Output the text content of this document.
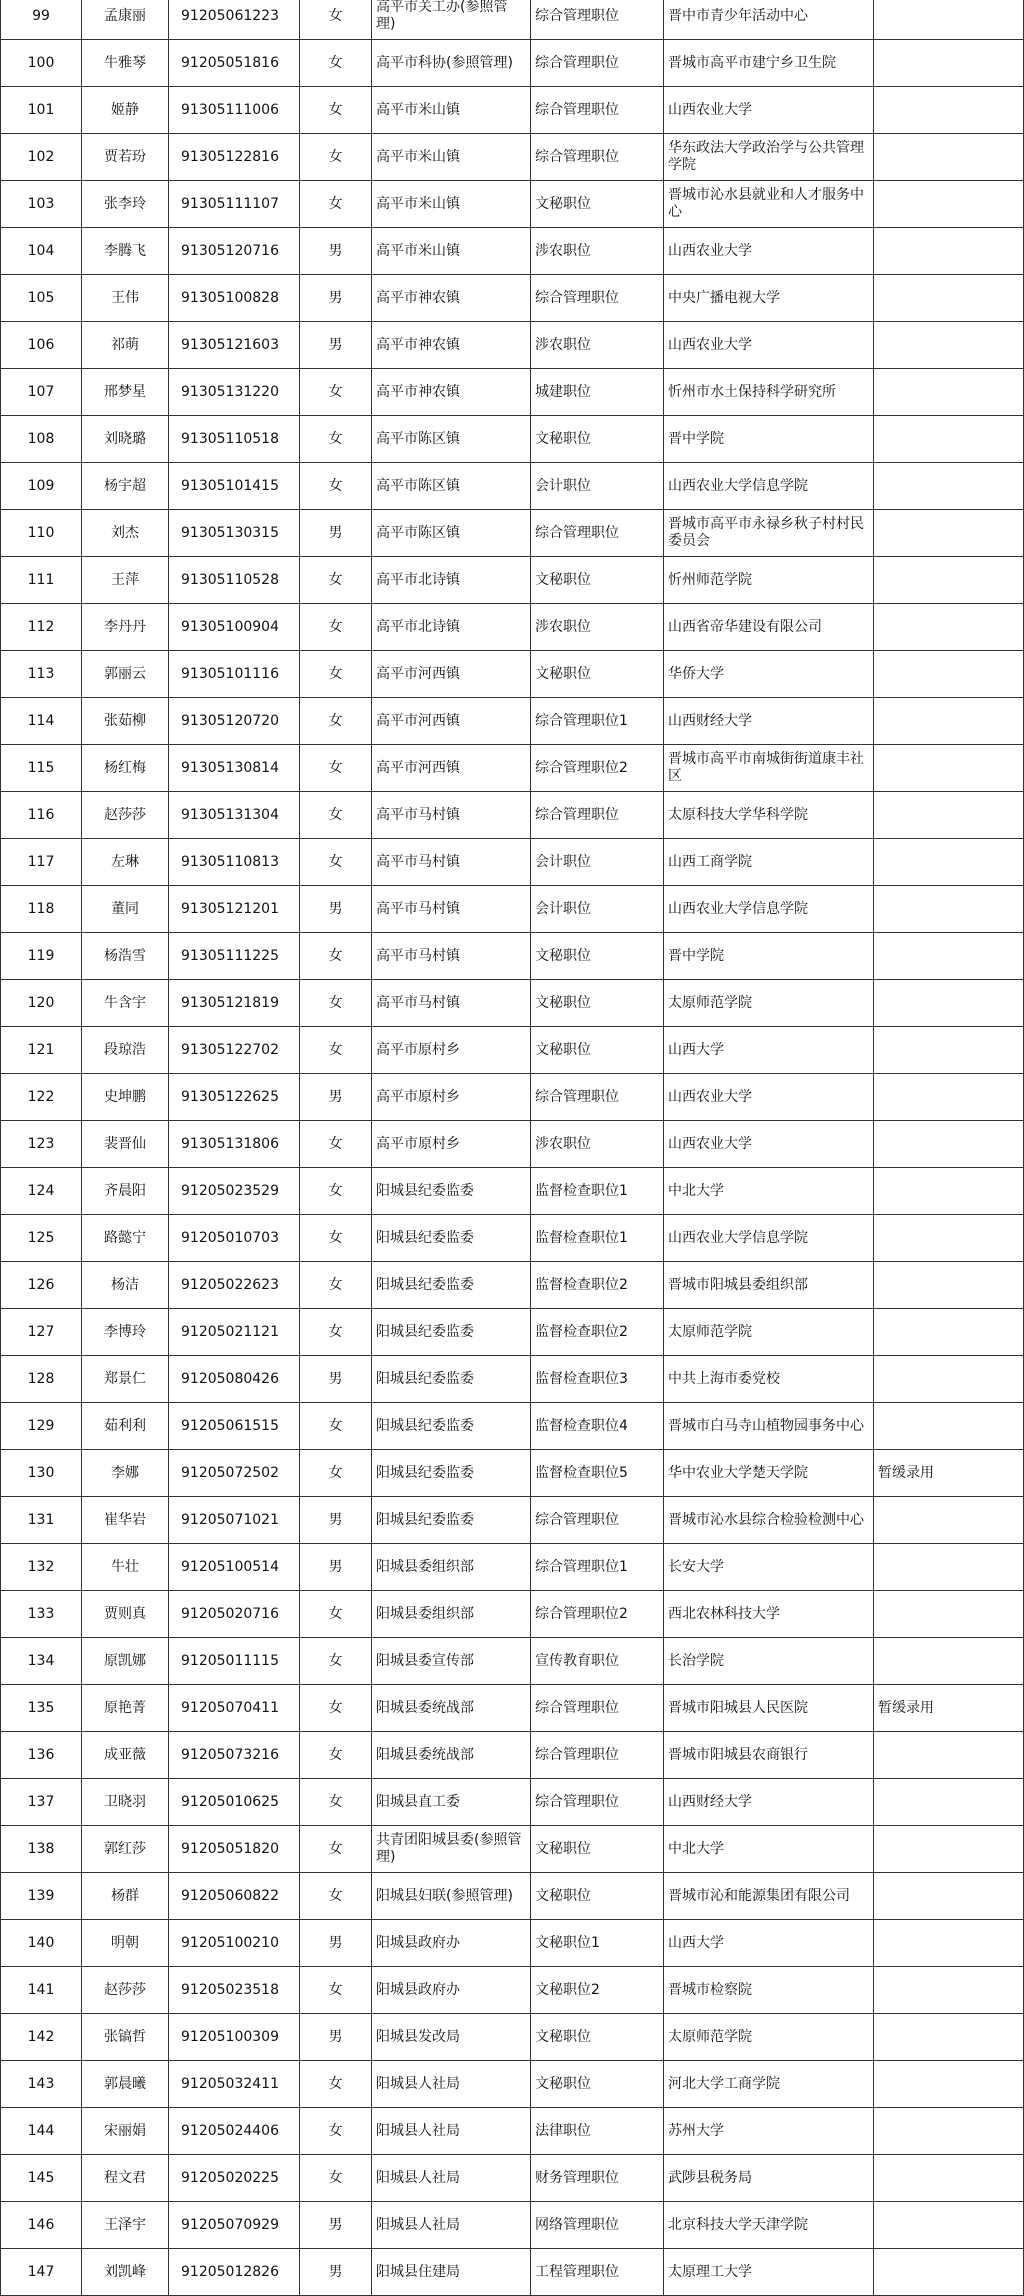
99	孟康丽	91205061223	女	高平市关工办(参照管理)	综合管理职位	晋中市青少年活动中心	
100	牛雅琴	91205051816	女	高平市科协(参照管理)	综合管理职位	晋城市高平市建宁乡卫生院	
101	姬静	91305111006	女	高平市米山镇	综合管理职位	山西农业大学	
102	贾若玢	91305122816	女	高平市米山镇	综合管理职位	华东政法大学政治学与公共管理学院	
103	张李玲	91305111107	女	高平市米山镇	文秘职位	晋城市沁水县就业和人才服务中心	
104	李腾飞	91305120716	男	高平市米山镇	涉农职位	山西农业大学	
105	王伟	91305100828	男	高平市神农镇	综合管理职位	中央广播电视大学	
106	祁萌	91305121603	男	高平市神农镇	涉农职位	山西农业大学	
107	邢梦星	91305131220	女	高平市神农镇	城建职位	忻州市水土保持科学研究所	
108	刘晓璐	91305110518	女	高平市陈区镇	文秘职位	晋中学院	
109	杨宇超	91305101415	女	高平市陈区镇	会计职位	山西农业大学信息学院	
110	刘杰	91305130315	男	高平市陈区镇	综合管理职位	晋城市高平市永禄乡秋子村村民委员会	
111	王萍	91305110528	女	高平市北诗镇	文秘职位	忻州师范学院	
112	李丹丹	91305100904	女	高平市北诗镇	涉农职位	山西省帝华建设有限公司	
113	郭丽云	91305101116	女	高平市河西镇	文秘职位	华侨大学	
114	张茹柳	91305120720	女	高平市河西镇	综合管理职位1	山西财经大学	
115	杨红梅	91305130814	女	高平市河西镇	综合管理职位2	晋城市高平市南城街街道康丰社区	
116	赵莎莎	91305131304	女	高平市马村镇	综合管理职位	太原科技大学华科学院	
117	左琳	91305110813	女	高平市马村镇	会计职位	山西工商学院	
118	董同	91305121201	男	高平市马村镇	会计职位	山西农业大学信息学院	
119	杨浩雪	91305111225	女	高平市马村镇	文秘职位	晋中学院	
120	牛含宇	91305121819	女	高平市马村镇	文秘职位	太原师范学院	
121	段琼浩	91305122702	女	高平市原村乡	文秘职位	山西大学	
122	史坤鹏	91305122625	男	高平市原村乡	综合管理职位	山西农业大学	
123	裴晋仙	91305131806	女	高平市原村乡	涉农职位	山西农业大学	
124	齐晨阳	91205023529	女	阳城县纪委监委	监督检查职位1	中北大学	
125	路懿宁	91205010703	女	阳城县纪委监委	监督检查职位1	山西农业大学信息学院	
126	杨洁	91205022623	女	阳城县纪委监委	监督检查职位2	晋城市阳城县委组织部	
127	李博玲	91205021121	女	阳城县纪委监委	监督检查职位2	太原师范学院	
128	郑景仁	91205080426	男	阳城县纪委监委	监督检查职位3	中共上海市委党校	
129	茹利利	91205061515	女	阳城县纪委监委	监督检查职位4	晋城市白马寺山植物园事务中心	
130	李娜	91205072502	女	阳城县纪委监委	监督检查职位5	华中农业大学楚天学院	暂缓录用
131	崔华岩	91205071021	男	阳城县纪委监委	综合管理职位	晋城市沁水县综合检验检测中心	
132	牛壮	91205100514	男	阳城县委组织部	综合管理职位1	长安大学	
133	贾则真	91205020716	女	阳城县委组织部	综合管理职位2	西北农林科技大学	
134	原凯娜	91205011115	女	阳城县委宣传部	宣传教育职位	长治学院	
135	原艳菁	91205070411	女	阳城县委统战部	综合管理职位	晋城市阳城县人民医院	暂缓录用
136	成亚薇	91205073216	女	阳城县委统战部	综合管理职位	晋城市阳城县农商银行	
137	卫晓羽	91205010625	女	阳城县直工委	综合管理职位	山西财经大学	
138	郭红莎	91205051820	女	共青团阳城县委(参照管理)	文秘职位	中北大学	
139	杨群	91205060822	女	阳城县妇联(参照管理)	文秘职位	晋城市沁和能源集团有限公司	
140	明朝	91205100210	男	阳城县政府办	文秘职位1	山西大学	
141	赵莎莎	91205023518	女	阳城县政府办	文秘职位2	晋城市检察院	
142	张镐哲	91205100309	男	阳城县发改局	文秘职位	太原师范学院	
143	郭晨曦	91205032411	女	阳城县人社局	文秘职位	河北大学工商学院	
144	宋丽娟	91205024406	女	阳城县人社局	法律职位	苏州大学	
145	程文君	91205020225	女	阳城县人社局	财务管理职位	武陟县税务局	
146	王泽宇	91205070929	男	阳城县人社局	网络管理职位	北京科技大学天津学院	
147	刘凯峰	91205012826	男	阳城县住建局	工程管理职位	太原理工大学	
